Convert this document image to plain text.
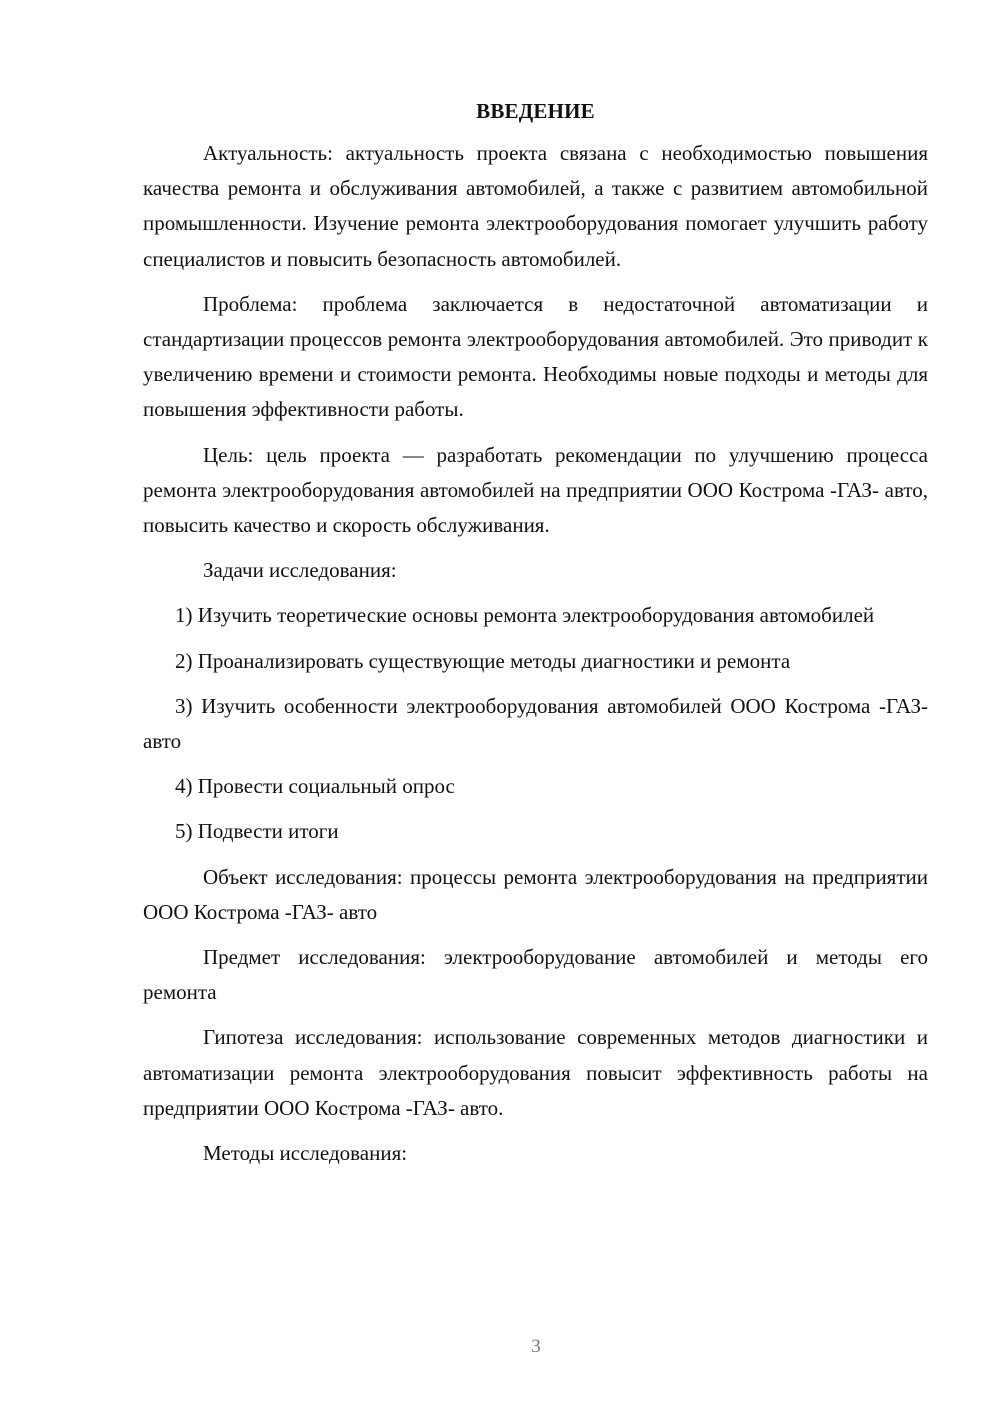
ВВЕДЕНИЕ

Актуальность: актуальность проекта связана с необходимостью повышения качества ремонта и обслуживания автомобилей, а также с развитием автомобильной промышленности. Изучение ремонта электрооборудования помогает улучшить работу специалистов и повысить безопасность автомобилей.

Проблема: проблема заключается в недостаточной автоматизации и стандартизации процессов ремонта электрооборудования автомобилей. Это приводит к увеличению времени и стоимости ремонта. Необходимы новые подходы и методы для повышения эффективности работы.

Цель: цель проекта — разработать рекомендации по улучшению процесса ремонта электрооборудования автомобилей на предприятии ООО Кострома -ГАЗ- авто, повысить качество и скорость обслуживания.

Задачи исследования:

1) Изучить теоретические основы ремонта электрооборудования автомобилей

2) Проанализировать существующие методы диагностики и ремонта

3) Изучить особенности электрооборудования автомобилей ООО Кострома -ГАЗ- авто

4) Провести социальный опрос

5) Подвести итоги

Объект исследования: процессы ремонта электрооборудования на предприятии ООО Кострома -ГАЗ- авто

Предмет исследования: электрооборудование автомобилей и методы его ремонта

Гипотеза исследования: использование современных методов диагностики и автоматизации ремонта электрооборудования повысит эффективность работы на предприятии ООО Кострома -ГАЗ- авто.

Методы исследования:

3
